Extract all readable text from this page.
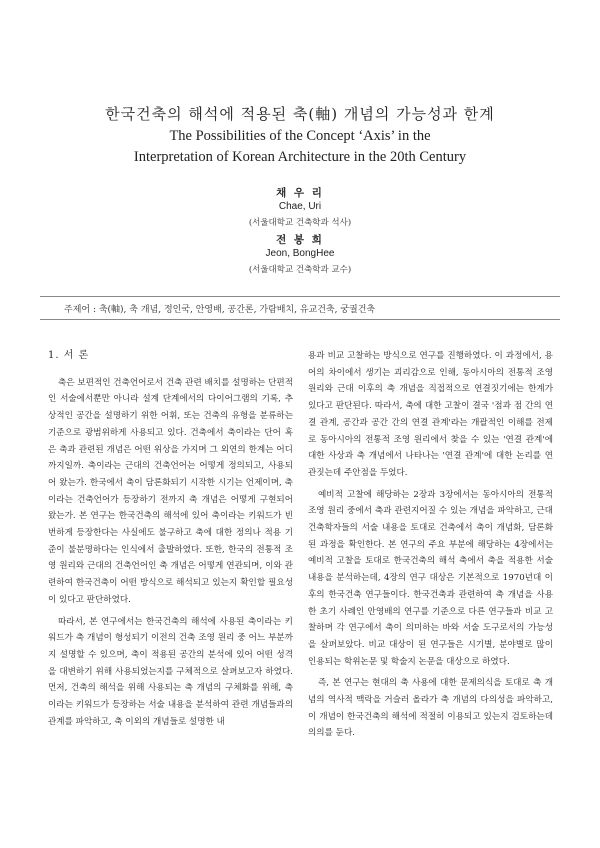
한국건축의 해석에 적용된 축(軸) 개념의 가능성과 한계
The Possibilities of the Concept ‘Axis’ in the
Interpretation of Korean Architecture in the 20th Century
채 우 리
Chae, Uri
(서울대학교 건축학과 석사)
전 봉 희
Jeon, BongHee
(서울대학교 건축학과 교수)
주제어 : 축(軸), 축 개념, 정인국, 안영배, 공간론, 가람배치, 유교건축, 궁궐건축

1. 서 론

축은 보편적인 건축언어로서 건축 관련 배치를 설명하는 단편적인 서술에서뿐만 아니라 설계 단계에서의 다이어그램의 기록, 추상적인 공간을 설명하기 위한 어휘, 또는 건축의 유형을 분류하는 기준으로 광범위하게 사용되고 있다. 건축에서 축이라는 단어 혹은 축과 관련된 개념은 어떤 위상을 가지며 그 외연의 한계는 어디까지일까. 축이라는 근대의 건축언어는 어떻게 정의되고, 사용되어 왔는가. 한국에서 축이 담론화되기 시작한 시기는 언제이며, 축이라는 건축언어가 등장하기 전까지 축 개념은 어떻게 구현되어 왔는가. 본 연구는 한국건축의 해석에 있어 축이라는 키워드가 빈번하게 등장한다는 사실에도 불구하고 축에 대한 정의나 적용 기준이 불분명하다는 인식에서 출발하였다. 또한, 한국의 전통적 조영 원리와 근대의 건축언어인 축 개념은 어떻게 연관되며, 이와 관련하여 한국건축이 어떤 방식으로 해석되고 있는지 확인할 필요성이 있다고 판단하였다.

따라서, 본 연구에서는 한국건축의 해석에 사용된 축이라는 키워드가 축 개념이 형성되기 이전의 건축 조영 원리 중 어느 부분까지 설명할 수 있으며, 축이 적용된 공간의 분석에 있어 어떤 성격을 대변하기 위해 사용되었는지를 구체적으로 살펴보고자 하였다. 먼저, 건축의 해석을 위해 사용되는 축 개념의 구체화를 위해, 축이라는 키워드가 등장하는 서술 내용을 분석하여 관련 개념들과의 관계를 파악하고, 축 이외의 개념들로 설명한 내

용과 비교 고찰하는 방식으로 연구를 진행하였다. 이 과정에서, 용어의 차이에서 생기는 괴리감으로 인해, 동아시아의 전통적 조영 원리와 근대 이후의 축 개념을 직접적으로 연결짓기에는 한계가 있다고 판단된다. 따라서, 축에 대한 고찰이 결국 '점과 점 간의 연결 관계, 공간과 공간 간의 연결 관계'라는 개괄적인 이해를 전제로 동아시아의 전통적 조영 원리에서 찾을 수 있는 '연결 관계'에 대한 사상과 축 개념에서 나타나는 '연결 관계'에 대한 논리를 연관짓는데 주안점을 두었다.

예비적 고찰에 해당하는 2장과 3장에서는 동아시아의 전통적 조영 원리 중에서 축과 관련지어질 수 있는 개념을 파악하고, 근대 건축학자들의 서술 내용을 토대로 건축에서 축이 개념화, 담론화된 과정을 확인한다. 본 연구의 주요 부분에 해당하는 4장에서는 예비적 고찰을 토대로 한국건축의 해석 축에서 축을 적용한 서술 내용을 분석하는데, 4장의 연구 대상은 기본적으로 1970년대 이후의 한국건축 연구들이다. 한국건축과 관련하여 축 개념을 사용한 초기 사례인 안영배의 연구를 기준으로 다른 연구들과 비교 고찰하며 각 연구에서 축이 의미하는 바와 서술 도구로서의 가능성을 살펴보았다. 비교 대상이 된 연구들은 시기별, 분야별로 많이 인용되는 학위논문 및 학술지 논문을 대상으로 하였다.

즉, 본 연구는 현대의 축 사용에 대한 문제의식을 토대로 축 개념의 역사적 맥락을 거슬러 올라가 축 개념의 다의성을 파악하고, 이 개념이 한국건축의 해석에 적절히 이용되고 있는지 검토하는데 의의를 둔다.
